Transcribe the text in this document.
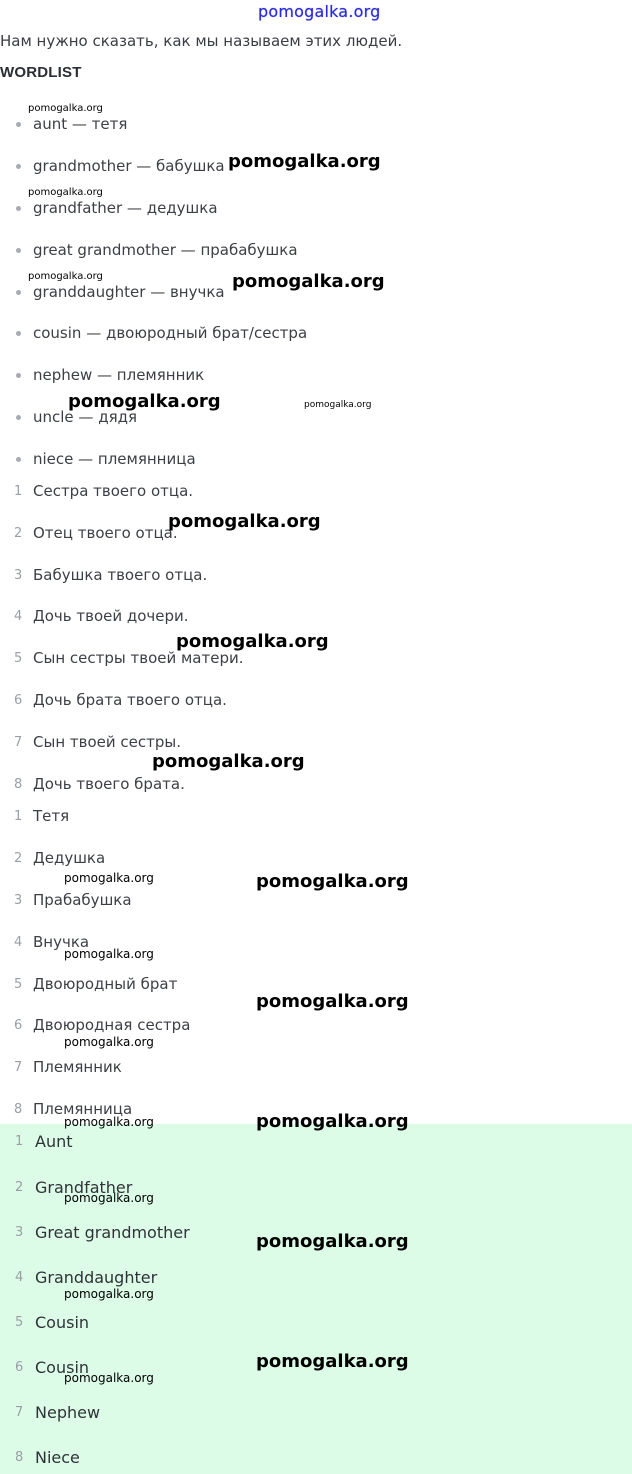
pomogalka.org
Нам нужно сказать, как мы называем этих людей.
WORDLIST
aunt — тетя
grandmother — бабушка
grandfather — дедушка
great grandmother — прабабушка
granddaughter — внучка
cousin — двоюродный брат/сестра
nephew — племянник
uncle — дядя
niece — племянница
1 Сестра твоего отца.
2 Отец твоего отца.
3 Бабушка твоего отца.
4 Дочь твоей дочери.
5 Сын сестры твоей матери.
6 Дочь брата твоего отца.
7 Сын твоей сестры.
8 Дочь твоего брата.
1 Тетя
2 Дедушка
3 Прабабушка
4 Внучка
5 Двоюродный брат
6 Двоюродная сестра
7 Племянник
8 Племянница
1 Aunt
2 Grandfather
3 Great grandmother
4 Granddaughter
5 Cousin
6 Cousin
7 Nephew
8 Niece
pomogalka.org
pomogalka.org
pomogalka.org
pomogalka.org	pomogalka.org
pomogalka.org	pomogalka.org
pomogalka.org
pomogalka.org
pomogalka.org
pomogalka.org	pomogalka.org
pomogalka.org
pomogalka.org
pomogalka.org
pomogalka.org	pomogalka.org
pomogalka.org
pomogalka.org
pomogalka.org
pomogalka.org
pomogalka.org
